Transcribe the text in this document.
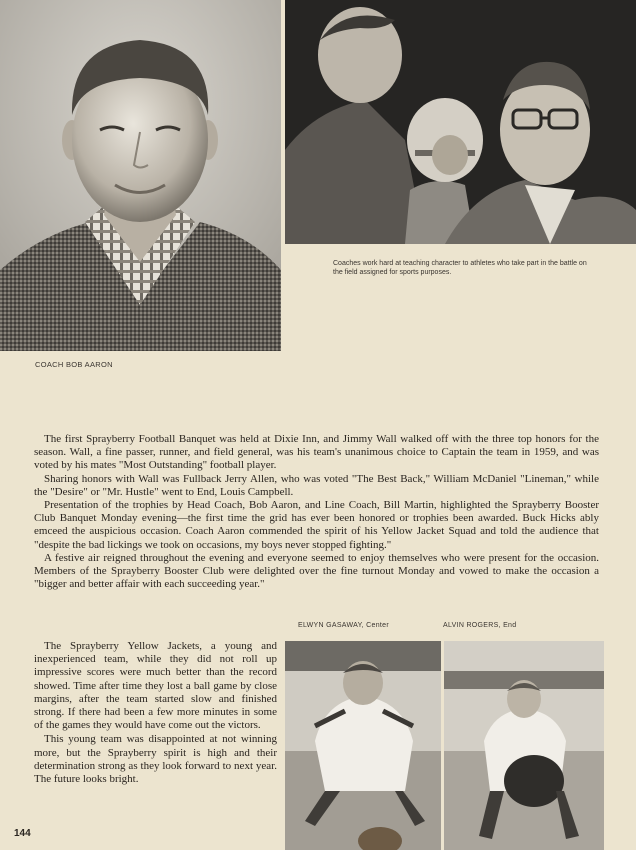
Coaches work hard at teaching character to athletes who take part in the battle on the field assigned for sports purposes.
COACH BOB AARON

The first Sprayberry Football Banquet was held at Dixie Inn, and Jimmy Wall walked off with the three top honors for the season. Wall, a fine passer, runner, and field general, was his team's unanimous choice to Captain the team in 1959, and was voted by his mates "Most Outstanding" football player.

Sharing honors with Wall was Fullback Jerry Allen, who was voted "The Best Back," William McDaniel "Lineman," while the "Desire" or "Mr. Hustle" went to End, Louis Campbell.

Presentation of the trophies by Head Coach, Bob Aaron, and Line Coach, Bill Martin, highlighted the Sprayberry Booster Club Banquet Monday evening—the first time the grid has ever been honored or trophies been awarded. Buck Hicks ably emceed the auspicious occasion. Coach Aaron commended the spirit of his Yellow Jacket Squad and told the audience that "despite the bad lickings we took on occasions, my boys never stopped fighting."

A festive air reigned throughout the evening and everyone seemed to enjoy themselves who were present for the occasion. Members of the Sprayberry Booster Club were delighted over the fine turnout Monday and vowed to make the occasion a "bigger and better affair with each succeeding year."

ELWYN GASAWAY, Center	ALVIN ROGERS, End

The Sprayberry Yellow Jackets, a young and inexperienced team, while they did not roll up impressive scores were much better than the record showed. Time after time they lost a ball game by close margins, after the team started slow and finished strong. If there had been a few more minutes in some of the games they would have come out the victors.

This young team was disappointed at not winning more, but the Sprayberry spirit is high and their determination strong as they look forward to next year. The future looks bright.

144
